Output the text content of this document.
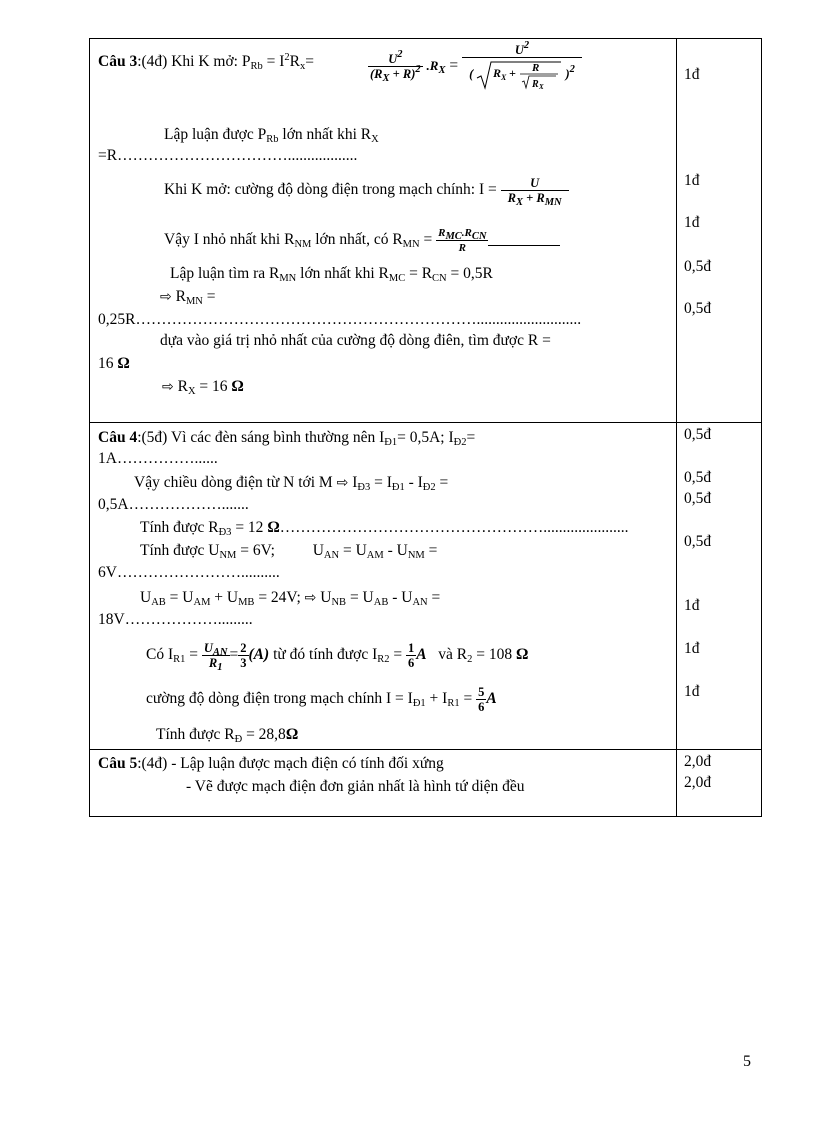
Câu 3:(4đ) Khi K mở: $P_{Rb} = I^2R_x=$	$\frac{U^2}{(R_X + R)^2} .R_X$ =
$U^2$
( R X + R
R X
)$^2$
Lập luận được $P_{Rb}$ lớn nhất khi $R_X$
=R……………………………..................
Khi K mở: cường độ dòng điện trong mạch chính: $I = \frac{U}{R_X + R_{MN}}$
Vậy I nhỏ nhất khi $R_{NM}$ lớn nhất, có $R_{MN} = \frac{R_{MC}.R_{CN}}{R}$
Lập luận tìm ra $R_{MN}$ lớn nhất khi $R_{MC} = R_{CN} = 0,5R$
⇨ $R_{MN}$ =
0,25R…………………………………………………………...........................
dựa vào giá trị nhỏ nhất của cường độ dòng điên, tìm được R =
16 Ω
⇨ $R_X = 16$ Ω
1đ
1đ
1đ
0,5đ
0,5đ
Câu 4:(5đ) Vì các đèn sáng bình thường nên $I_{Đ1}= 0,5A$; $I_{Đ2}=$
1A……………......
Vậy chiều dòng điện từ N tới M ⇨ $I_{Đ3} = I_{Đ1} - I_{Đ2}$ =
0,5A……………….......
Tính được $R_{Đ3} = 12$ Ω……………………………………………......................
Tính được $U_{NM} = 6V$; $U_{AN} = U_{AM} - U_{NM}$ =
6V……………………..........
$U_{AB} = U_{AM} + U_{MB} = 24V$; ⇨ $U_{NB} = U_{AB} - U_{AN}$ =
18V……………….........
Có $I_{R1} = \frac{U_{AN}}{R_1} = \frac{2}{3} (A)$ từ đó tính được $I_{R2} = \frac{1}{6}$ A và $R_2 = 108$ Ω
cường độ dòng điện trong mạch chính $I = I_{Đ1} + I_{R1} = \frac{5}{6}$ A
Tính được $R_Đ = 28,8\Omega$
0,5đ
0,5đ
0,5đ
0,5đ
1đ
1đ
1đ
Câu 5:(4đ) - Lập luận được mạch điện có tính đối xứng
- Vẽ được mạch điện đơn giản nhất là hình tứ diện đều
2,0đ
2,0đ
5
